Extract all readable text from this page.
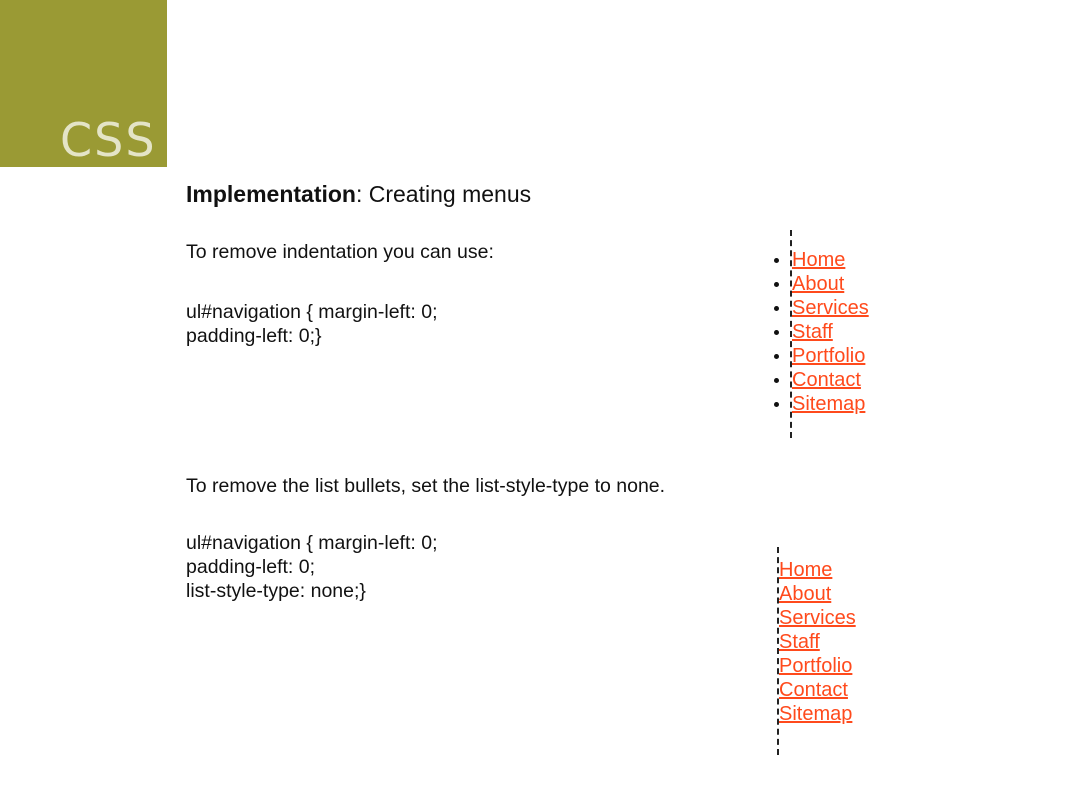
CSS
Implementation: Creating menus

To remove indentation you can use:

ul#navigation { margin-left: 0;
padding-left: 0;}

To remove the list bullets, set the list-style-type to none.

ul#navigation { margin-left: 0;
padding-left: 0;
list-style-type: none;}
Home
About
Services
Staff
Portfolio
Contact
Sitemap
Home
About
Services
Staff
Portfolio
Contact
Sitemap
